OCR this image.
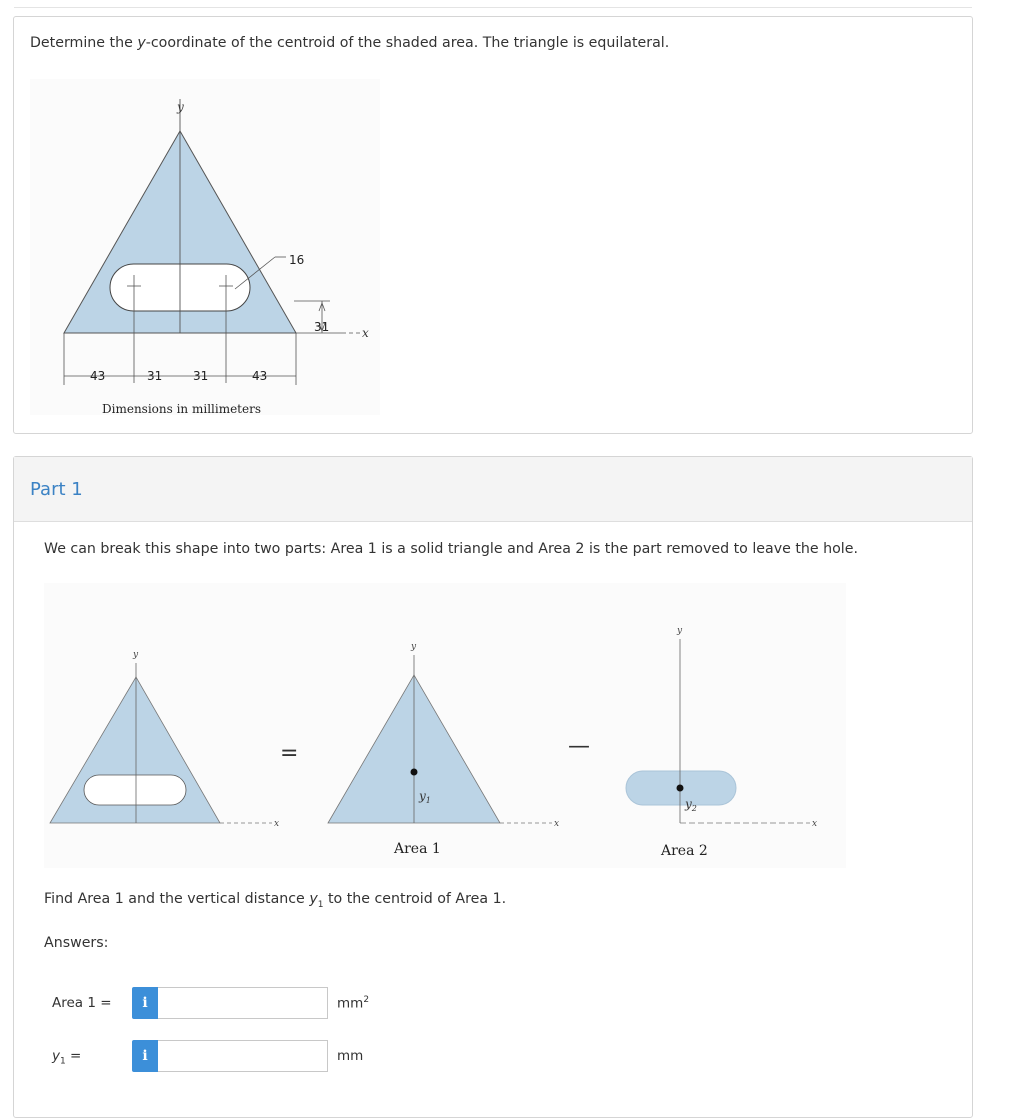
Determine the y-coordinate of the centroid of the shaded area. The triangle is equilateral.
x
y
31
16
43	31	31	43
Dimensions in millimeters
Part 1
We can break this shape into two parts: Area 1 is a solid triangle and Area 2 is the part removed to leave the hole.
y
x
=
y
x
$y_1$
Area 1
—
y
x
$y_2$
Area 2
Find Area 1 and the vertical distance $y_1$ to the centroid of Area 1.
Answers:
Area 1 =	i	$mm^2$
$y_1$ =	i	mm
